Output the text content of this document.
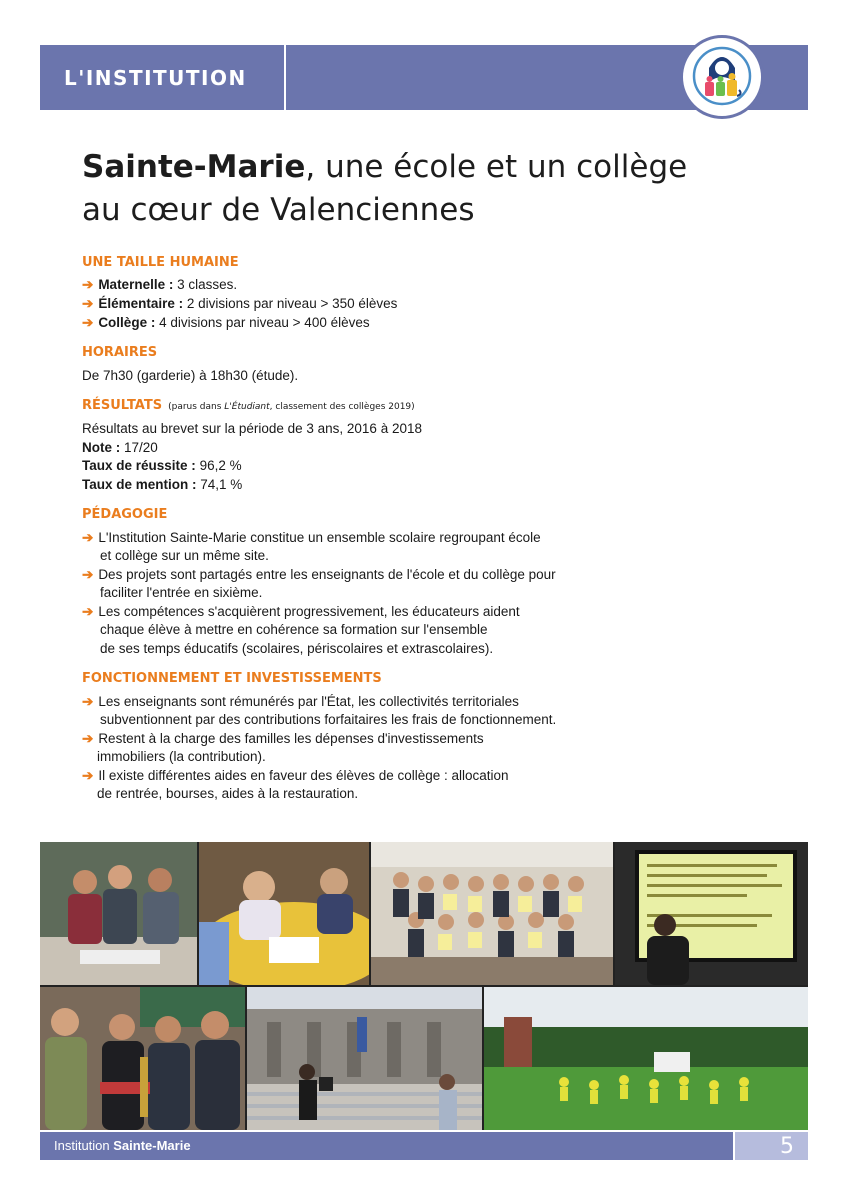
L'INSTITUTION
Sainte-Marie, une école et un collège
au cœur de Valenciennes
UNE TAILLE HUMAINE
➔ Maternelle : 3 classes.
➔ Élémentaire : 2 divisions par niveau > 350 élèves
➔ Collège : 4 divisions par niveau > 400 élèves
HORAIRES
De 7h30 (garderie) à 18h30 (étude).
RÉSULTATS (parus dans L'Étudiant, classement des collèges 2019)
Résultats au brevet sur la période de 3 ans, 2016 à 2018
Note : 17/20
Taux de réussite : 96,2 %
Taux de mention : 74,1 %
PÉDAGOGIE
➔ L'Institution Sainte-Marie constitue un ensemble scolaire regroupant école
et collège sur un même site.
➔ Des projets sont partagés entre les enseignants de l'école et du collège pour
faciliter l'entrée en sixième.
➔ Les compétences s'acquièrent progressivement, les éducateurs aident
chaque élève à mettre en cohérence sa formation sur l'ensemble
de ses temps éducatifs (scolaires, périscolaires et extrascolaires).
FONCTIONNEMENT ET INVESTISSEMENTS
➔ Les enseignants sont rémunérés par l'État, les collectivités territoriales
subventionnent par des contributions forfaitaires les frais de fonctionnement.
➔ Restent à la charge des familles les dépenses d'investissements
immobiliers (la contribution).
➔ Il existe différentes aides en faveur des élèves de collège : allocation
de rentrée, bourses, aides à la restauration.
Institution Sainte-Marie	5
